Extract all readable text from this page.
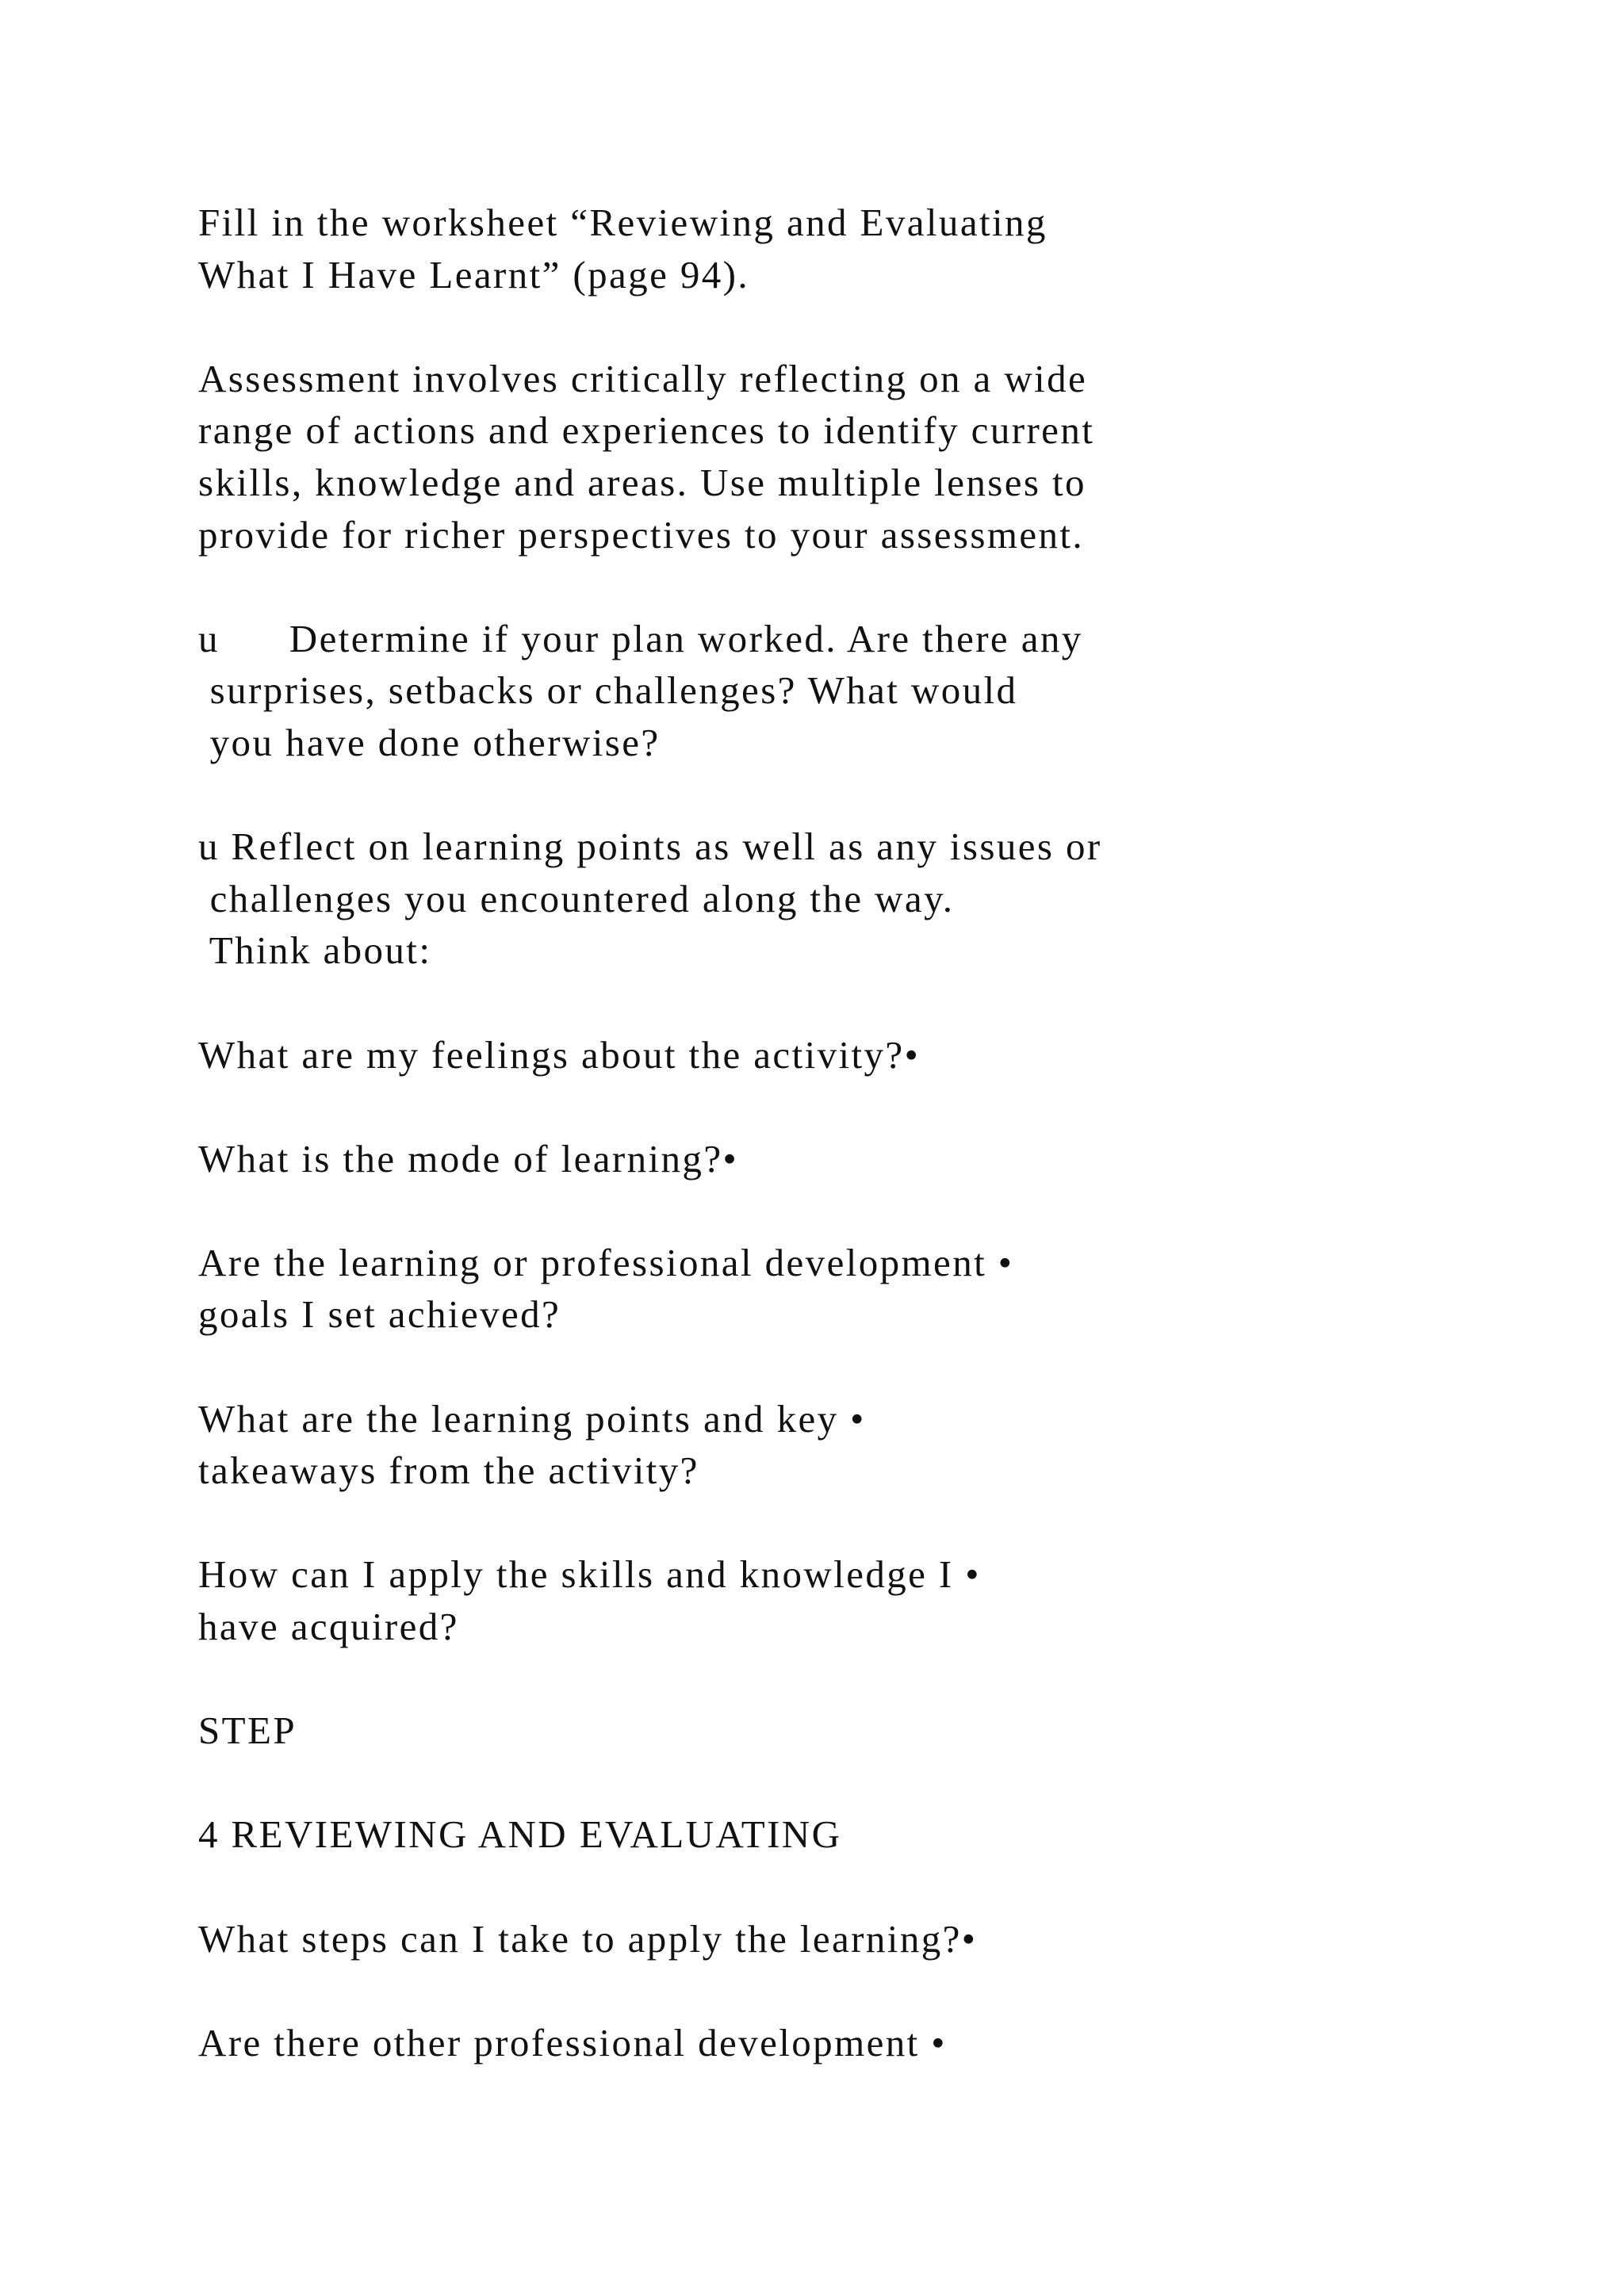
Fill in the worksheet “Reviewing and Evaluating
What I Have Learnt” (page 94).
Assessment involves critically reflecting on a wide
range of actions and experiences to identify current
skills, knowledge and areas. Use multiple lenses to
provide for richer perspectives to your assessment.
u      Determine if your plan worked. Are there any
surprises, setbacks or challenges? What would
you have done otherwise?
u Reflect on learning points as well as any issues or
challenges you encountered along the way.
Think about:
What are my feelings about the activity?•
What is the mode of learning?•
Are the learning or professional development •
goals I set achieved?
What are the learning points and key •
takeaways from the activity?
How can I apply the skills and knowledge I •
have acquired?
STEP
4 REVIEWING AND EVALUATING
What steps can I take to apply the learning?•
Are there other professional development •
